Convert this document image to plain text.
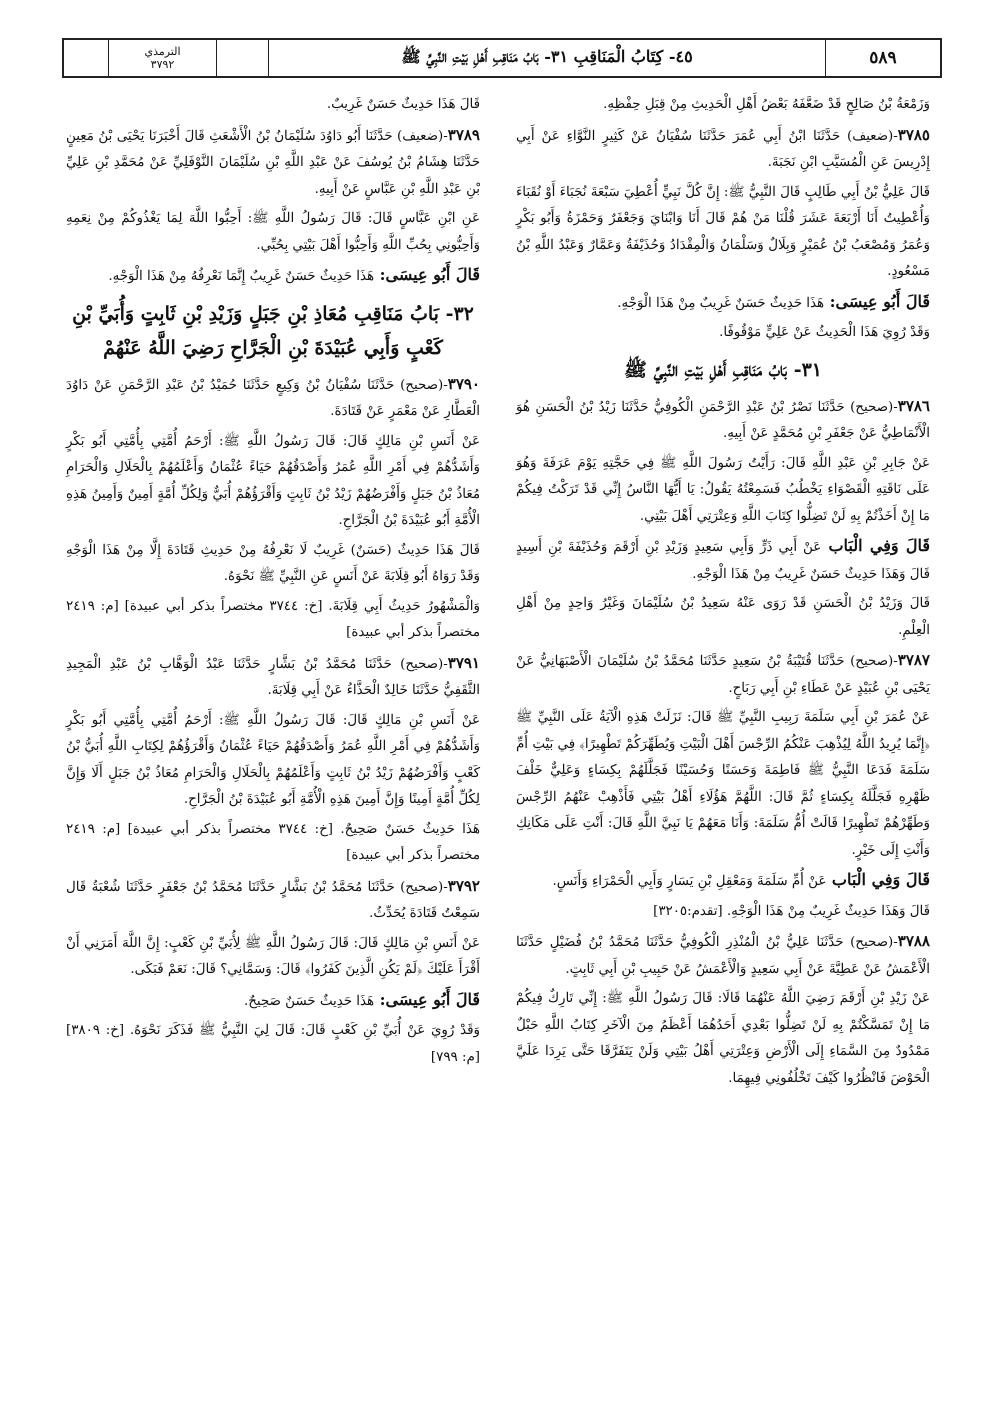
الترمذي
٣٧٩٢	٤٥- كِتَابُ الْمَنَاقِبِ ٣١- بَابُ مَنَاقِبِ أَهْلِ بَيْتِ النَّبِيِّ ﷺ	٥٨٩

وَزَمْعَةُ بْنُ صَالِحٍ قَدْ ضَعَّفَهُ بَعْضُ أَهْلِ الْحَدِيثِ مِنْ قِبَلِ حِفْظِهِ.

٣٧٨٥-(ضعيف) حَدَّثَنَا ابْنُ أَبِي عُمَرَ حَدَّثَنَا سُفْيَانُ عَنْ كَثِيرٍ النَّوَّاءِ عَنْ أَبِي إِدْرِيسَ عَنِ الْمُسَيَّبِ ابْنِ نَجَبَةَ.

قَالَ عَلِيُّ بْنُ أَبِي طَالِبٍ قَالَ النَّبِيُّ ﷺ: إِنَّ كُلَّ نَبِيٍّ أُعْطِيَ سَبْعَةَ نُجَبَاءَ أَوْ نُقَبَاءَ وَأُعْطِيتُ أَنَا أَرْبَعَةَ عَشَرَ قُلْنَا مَنْ هُمْ قَالَ أَنَا وَابْنَايَ وَجَعْفَرٌ وَحَمْزَةُ وَأَبُو بَكْرٍ وَعُمَرُ وَمُصْعَبُ بْنُ عُمَيْرٍ وَبِلَالٌ وَسَلْمَانُ وَالْمِقْدَادُ وَحُذَيْفَةُ وَعَمَّارٌ وَعَبْدُ اللَّهِ بْنُ مَسْعُودٍ.

قَالَ أَبُو عِيسَى: هَذَا حَدِيثٌ حَسَنٌ غَرِيبٌ مِنْ هَذَا الْوَجْهِ.

وَقَدْ رُوِيَ هَذَا الْحَدِيثُ عَنْ عَلِيٍّ مَوْقُوفًا.

٣١- بَابُ مَنَاقِبِ أَهْلِ بَيْتِ النَّبِيِّ ﷺ

٣٧٨٦-(صحيح) حَدَّثَنَا نَصْرُ بْنُ عَبْدِ الرَّحْمَنِ الْكُوفِيُّ حَدَّثَنَا زَيْدُ بْنُ الْحَسَنِ هُوَ الْأَنْمَاطِيُّ عَنْ جَعْفَرِ بْنِ مُحَمَّدٍ عَنْ أَبِيهِ.

عَنْ جَابِرِ بْنِ عَبْدِ اللَّهِ قَالَ: رَأَيْتُ رَسُولَ اللَّهِ ﷺ فِي حَجَّتِهِ يَوْمَ عَرَفَةَ وَهُوَ عَلَى نَاقَتِهِ الْقَصْوَاءِ يَخْطُبُ فَسَمِعْتُهُ يَقُولُ: يَا أَيُّهَا النَّاسُ إِنِّي قَدْ تَرَكْتُ فِيكُمْ مَا إِنْ أَخَذْتُمْ بِهِ لَنْ تَضِلُّوا كِتَابَ اللَّهِ وَعِتْرَتِي أَهْلَ بَيْتِي.

قَالَ وَفِي الْبَاب عَنْ أَبِي ذَرٍّ وَأَبِي سَعِيدٍ وَزَيْدِ بْنِ أَرْقَمَ وَحُذَيْفَةَ بْنِ أَسِيدٍ قَالَ وَهَذَا حَدِيثٌ حَسَنٌ غَرِيبٌ مِنْ هَذَا الْوَجْهِ.

قَالَ وَزَيْدُ بْنُ الْحَسَنِ قَدْ رَوَى عَنْهُ سَعِيدُ بْنُ سُلَيْمَانَ وَغَيْرُ وَاحِدٍ مِنْ أَهْلِ الْعِلْمِ.

٣٧٨٧-(صحيح) حَدَّثَنَا قُتَيْبَةُ بْنُ سَعِيدٍ حَدَّثَنَا مُحَمَّدُ بْنُ سُلَيْمَانَ الْأَصْبَهَانِيُّ عَنْ يَحْيَى بْنِ عُبَيْدٍ عَنْ عَطَاءِ بْنِ أَبِي رَبَاحٍ.

عَنْ عُمَرَ بْنِ أَبِي سَلَمَةَ رَبِيبِ النَّبِيِّ ﷺ قَالَ: نَزَلَتْ هَذِهِ الْآيَةُ عَلَى النَّبِيِّ ﷺ ﴿إِنَّمَا يُرِيدُ اللَّهُ لِيُذْهِبَ عَنْكُمُ الرِّجْسَ أَهْلَ الْبَيْتِ وَيُطَهِّرَكُمْ تَطْهِيرًا﴾ فِي بَيْتِ أُمِّ سَلَمَةَ فَدَعَا النَّبِيُّ ﷺ فَاطِمَةَ وَحَسَنًا وَحُسَيْنًا فَجَلَّلَهُمْ بِكِسَاءٍ وَعَلِيٌّ خَلْفَ ظَهْرِهِ فَجَلَّلَهُ بِكِسَاءٍ ثُمَّ قَالَ: اللَّهُمَّ هَؤُلَاءِ أَهْلُ بَيْتِي فَأَذْهِبْ عَنْهُمُ الرِّجْسَ وَطَهِّرْهُمْ تَطْهِيرًا قَالَتْ أُمُّ سَلَمَةَ: وَأَنَا مَعَهُمْ يَا نَبِيَّ اللَّهِ قَالَ: أَنْتِ عَلَى مَكَانِكِ وَأَنْتِ إِلَى خَيْرٍ.

قَالَ وَفِي الْبَاب عَنْ أُمِّ سَلَمَةَ وَمَعْقِلِ بْنِ يَسَارٍ وَأَبِي الْحَمْرَاءِ وَأَنَسٍ.

قَالَ وَهَذَا حَدِيثٌ غَرِيبٌ مِنْ هَذَا الْوَجْهِ. [تقدم:٣٢٠٥]

٣٧٨٨-(صحيح) حَدَّثَنَا عَلِيُّ بْنُ الْمُنْذِرِ الْكُوفِيُّ حَدَّثَنَا مُحَمَّدُ بْنُ فُضَيْلٍ حَدَّثَنَا الْأَعْمَشُ عَنْ عَطِيَّةَ عَنْ أَبِي سَعِيدٍ وَالْأَعْمَشُ عَنْ حَبِيبِ بْنِ أَبِي ثَابِتٍ.

عَنْ زَيْدِ بْنِ أَرْقَمَ رَضِيَ اللَّهُ عَنْهُمَا قَالَا: قَالَ رَسُولُ اللَّهِ ﷺ: إِنِّي تَارِكٌ فِيكُمْ مَا إِنْ تَمَسَّكْتُمْ بِهِ لَنْ تَضِلُّوا بَعْدِي أَحَدُهُمَا أَعْظَمُ مِنَ الْآخَرِ كِتَابُ اللَّهِ حَبْلٌ مَمْدُودٌ مِنَ السَّمَاءِ إِلَى الْأَرْضِ وَعِتْرَتِي أَهْلُ بَيْتِي وَلَنْ يَتَفَرَّقَا حَتَّى يَرِدَا عَلَيَّ الْحَوْضَ فَانْظُرُوا كَيْفَ تَخْلُفُونِي فِيهِمَا.

قَالَ هَذَا حَدِيثٌ حَسَنٌ غَرِيبٌ.

٣٧٨٩-(ضعيف) حَدَّثَنَا أَبُو دَاوُدَ سُلَيْمَانُ بْنُ الْأَشْعَثِ قَالَ أَخْبَرَنَا يَحْيَى بْنُ مَعِينٍ حَدَّثَنَا هِشَامُ بْنُ يُوسُفَ عَنْ عَبْدِ اللَّهِ بْنِ سُلَيْمَانَ النَّوْفَلِيِّ عَنْ مُحَمَّدِ بْنِ عَلِيِّ بْنِ عَبْدِ اللَّهِ بْنِ عَبَّاسٍ عَنْ أَبِيهِ.

عَنِ ابْنِ عَبَّاسٍ قَالَ: قَالَ رَسُولُ اللَّهِ ﷺ: أَحِبُّوا اللَّهَ لِمَا يَغْذُوكُمْ مِنْ نِعَمِهِ وَأَحِبُّونِي بِحُبِّ اللَّهِ وَأَحِبُّوا أَهْلَ بَيْتِي بِحُبِّي.

قَالَ أَبُو عِيسَى: هَذَا حَدِيثٌ حَسَنٌ غَرِيبٌ إِنَّمَا نَعْرِفُهُ مِنْ هَذَا الْوَجْهِ.

٣٢- بَابُ مَنَاقِبِ مُعَاذِ بْنِ جَبَلٍ وَزَيْدِ بْنِ ثَابِتٍ وَأُبَيِّ بْنِ كَعْبٍ وَأَبِي عُبَيْدَةَ بْنِ الْجَرَّاحِ رَضِيَ اللَّهُ عَنْهُمْ

٣٧٩٠-(صحيح) حَدَّثَنَا سُفْيَانُ بْنُ وَكِيعٍ حَدَّثَنَا حُمَيْدُ بْنُ عَبْدِ الرَّحْمَنِ عَنْ دَاوُدَ الْعَطَّارِ عَنْ مَعْمَرٍ عَنْ قَتَادَةَ.

عَنْ أَنَسِ بْنِ مَالِكٍ قَالَ: قَالَ رَسُولُ اللَّهِ ﷺ: أَرْحَمُ أُمَّتِي بِأُمَّتِي أَبُو بَكْرٍ وَأَشَدُّهُمْ فِي أَمْرِ اللَّهِ عُمَرُ وَأَصْدَقُهُمْ حَيَاءً عُثْمَانُ وَأَعْلَمُهُمْ بِالْحَلَالِ وَالْحَرَامِ مُعَاذُ بْنُ جَبَلٍ وَأَفْرَضُهُمْ زَيْدُ بْنُ ثَابِتٍ وَأَقْرَؤُهُمْ أُبَيٌّ وَلِكُلِّ أُمَّةٍ أَمِينٌ وَأَمِينُ هَذِهِ الْأُمَّةِ أَبُو عُبَيْدَةَ بْنُ الْجَرَّاحِ.

قَالَ هَذَا حَدِيثٌ (حَسَنٌ) غَرِيبٌ لَا نَعْرِفُهُ مِنْ حَدِيثِ قَتَادَةَ إِلَّا مِنْ هَذَا الْوَجْهِ وَقَدْ رَوَاهُ أَبُو قِلَابَةَ عَنْ أَنَسٍ عَنِ النَّبِيِّ ﷺ نَحْوَهُ.

وَالْمَشْهُورُ حَدِيثُ أَبِي قِلَابَةَ. [خ: ٣٧٤٤ مختصراً بذكر أبي عبيدة] [م: ٢٤١٩ مختصراً بذكر أبي عبيدة]

٣٧٩١-(صحيح) حَدَّثَنَا مُحَمَّدُ بْنُ بَشَّارٍ حَدَّثَنَا عَبْدُ الْوَهَّابِ بْنُ عَبْدِ الْمَجِيدِ الثَّقَفِيُّ حَدَّثَنَا خَالِدٌ الْحَذَّاءُ عَنْ أَبِي قِلَابَةَ.

عَنْ أَنَسِ بْنِ مَالِكٍ قَالَ: قَالَ رَسُولُ اللَّهِ ﷺ: أَرْحَمُ أُمَّتِي بِأُمَّتِي أَبُو بَكْرٍ وَأَشَدُّهُمْ فِي أَمْرِ اللَّهِ عُمَرُ وَأَصْدَقُهُمْ حَيَاءً عُثْمَانُ وَأَقْرَؤُهُمْ لِكِتَابِ اللَّهِ أُبَيُّ بْنُ كَعْبٍ وَأَفْرَضُهُمْ زَيْدُ بْنُ ثَابِتٍ وَأَعْلَمُهُمْ بِالْحَلَالِ وَالْحَرَامِ مُعَاذُ بْنُ جَبَلٍ أَلَا وَإِنَّ لِكُلِّ أُمَّةٍ أَمِينًا وَإِنَّ أَمِينَ هَذِهِ الْأُمَّةِ أَبُو عُبَيْدَةَ بْنُ الْجَرَّاحِ.

هَذَا حَدِيثٌ حَسَنٌ صَحِيحٌ. [خ: ٣٧٤٤ مختصراً بذكر أبي عبيدة] [م: ٢٤١٩ مختصراً بذكر أبي عبيدة]

٣٧٩٢-(صحيح) حَدَّثَنَا مُحَمَّدُ بْنُ بَشَّارٍ حَدَّثَنَا مُحَمَّدُ بْنُ جَعْفَرٍ حَدَّثَنَا شُعْبَةُ قَال سَمِعْتُ قَتَادَةَ يُحَدِّثُ.

عَنْ أَنَسِ بْنِ مَالِكٍ قَالَ: قَالَ رَسُولُ اللَّهِ ﷺ لِأُبَيِّ بْنِ كَعْبٍ: إِنَّ اللَّهَ أَمَرَنِي أَنْ أَقْرَأَ عَلَيْكَ ﴿لَمْ يَكُنِ الَّذِينَ كَفَرُوا﴾ قَالَ: وَسَمَّانِي؟ قَالَ: نَعَمْ فَبَكَى.

قَالَ أَبُو عِيسَى: هَذَا حَدِيثٌ حَسَنٌ صَحِيحٌ.

وَقَدْ رُوِيَ عَنْ أُبَيِّ بْنِ كَعْبٍ قَالَ: قَالَ لِيَ النَّبِيُّ ﷺ فَذَكَرَ نَحْوَهُ. [خ: ٣٨٠٩] [م: ٧٩٩]
